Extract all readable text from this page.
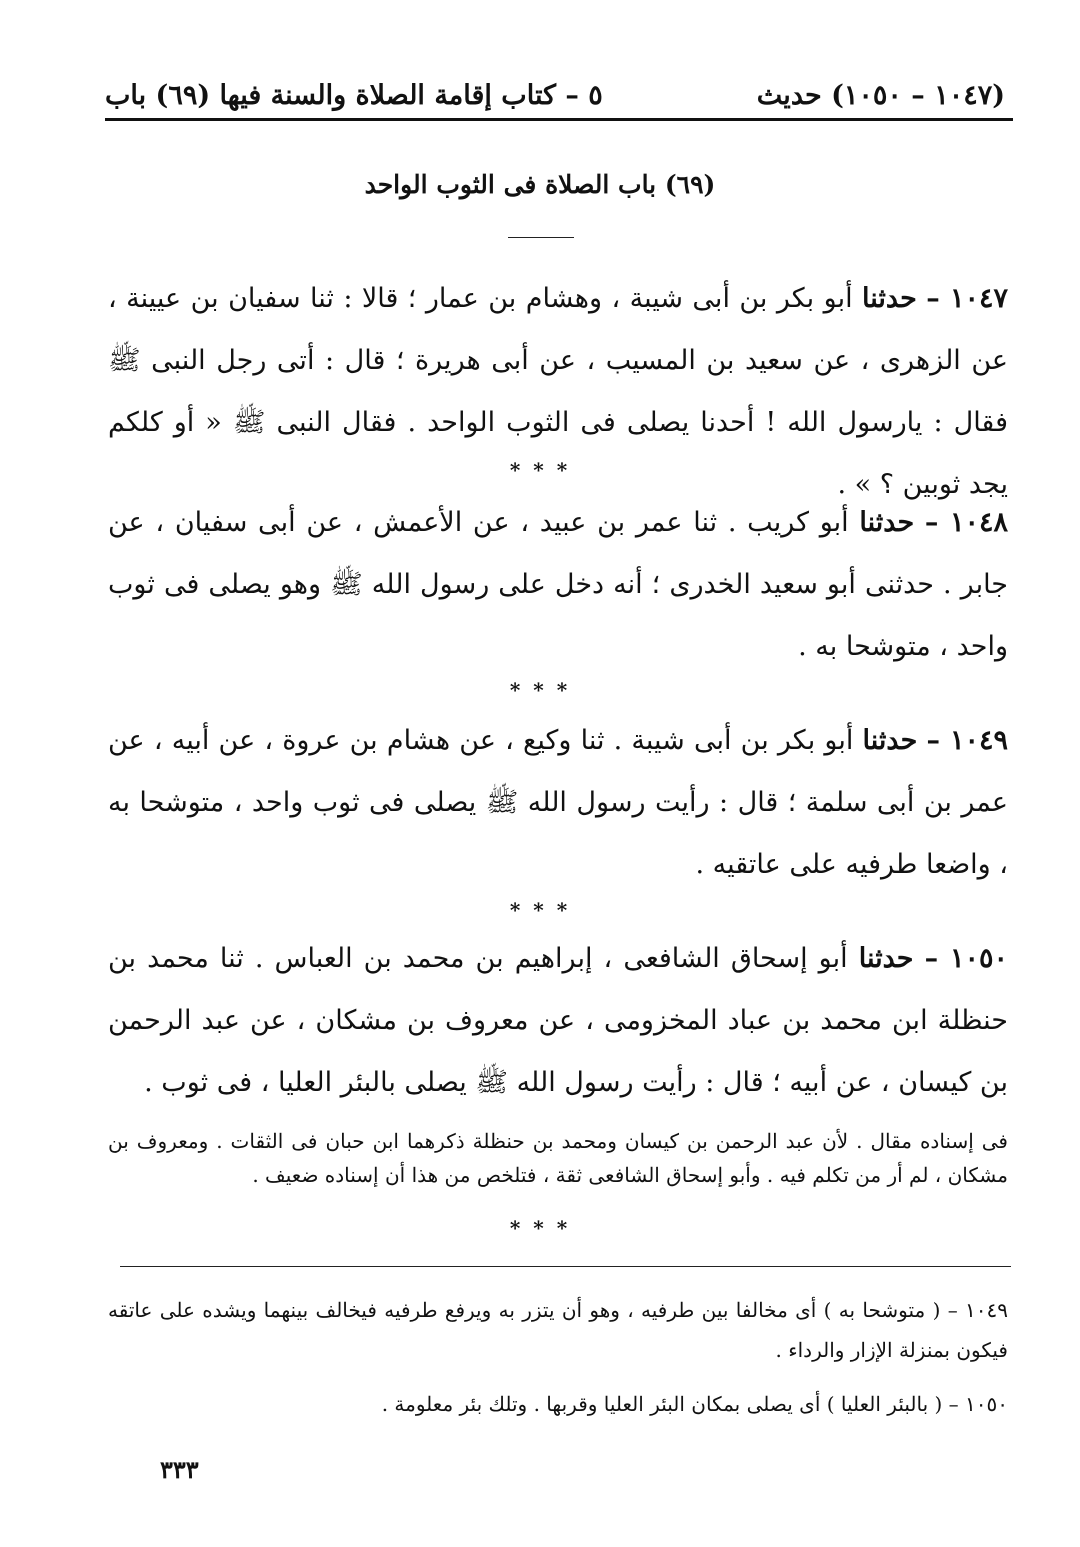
٥ – كتاب إقامة الصلاة والسنة فيها (٦٩) باب	(١٠٤٧ – ١٠٥٠) حديث
(٦٩) باب الصلاة فى الثوب الواحد
١٠٤٧ – حدثنا أبو بكر بن أبى شيبة ، وهشام بن عمار ؛ قالا : ثنا سفيان بن عيينة ، عن الزهرى ، عن سعيد بن المسيب ، عن أبى هريرة ؛ قال : أتى رجل النبى ﷺ فقال : يارسول الله ! أحدنا يصلى فى الثوب الواحد . فقال النبى ﷺ « أو كلكم يجد ثوبين ؟ » .
* * *
١٠٤٨ – حدثنا أبو كريب . ثنا عمر بن عبيد ، عن الأعمش ، عن أبى سفيان ، عن جابر . حدثنى أبو سعيد الخدرى ؛ أنه دخل على رسول الله ﷺ وهو يصلى فى ثوب واحد ، متوشحا به .
* * *
١٠٤٩ – حدثنا أبو بكر بن أبى شيبة . ثنا وكيع ، عن هشام بن عروة ، عن أبيه ، عن عمر بن أبى سلمة ؛ قال : رأيت رسول الله ﷺ يصلى فى ثوب واحد ، متوشحا به ، واضعا طرفيه على عاتقيه .
* * *
١٠٥٠ – حدثنا أبو إسحاق الشافعى ، إبراهيم بن محمد بن العباس . ثنا محمد بن حنظلة ابن محمد بن عباد المخزومى ، عن معروف بن مشكان ، عن عبد الرحمن بن كيسان ، عن أبيه ؛ قال : رأيت رسول الله ﷺ يصلى بالبئر العليا ، فى ثوب .
فى إسناده مقال . لأن عبد الرحمن بن كيسان ومحمد بن حنظلة ذكرهما ابن حبان فى الثقات . ومعروف بن مشكان ، لم أر من تكلم فيه . وأبو إسحاق الشافعى ثقة ، فتلخص من هذا أن إسناده ضعيف .
* * *
١٠٤٩ – ( متوشحا به ) أى مخالفا بين طرفيه ، وهو أن يتزر به ويرفع طرفيه فيخالف بينهما ويشده على عاتقه فيكون بمنزلة الإزار والرداء .
١٠٥٠ – ( بالبئر العليا ) أى يصلى بمكان البئر العليا وقربها . وتلك بئر معلومة .
٣٣٣
